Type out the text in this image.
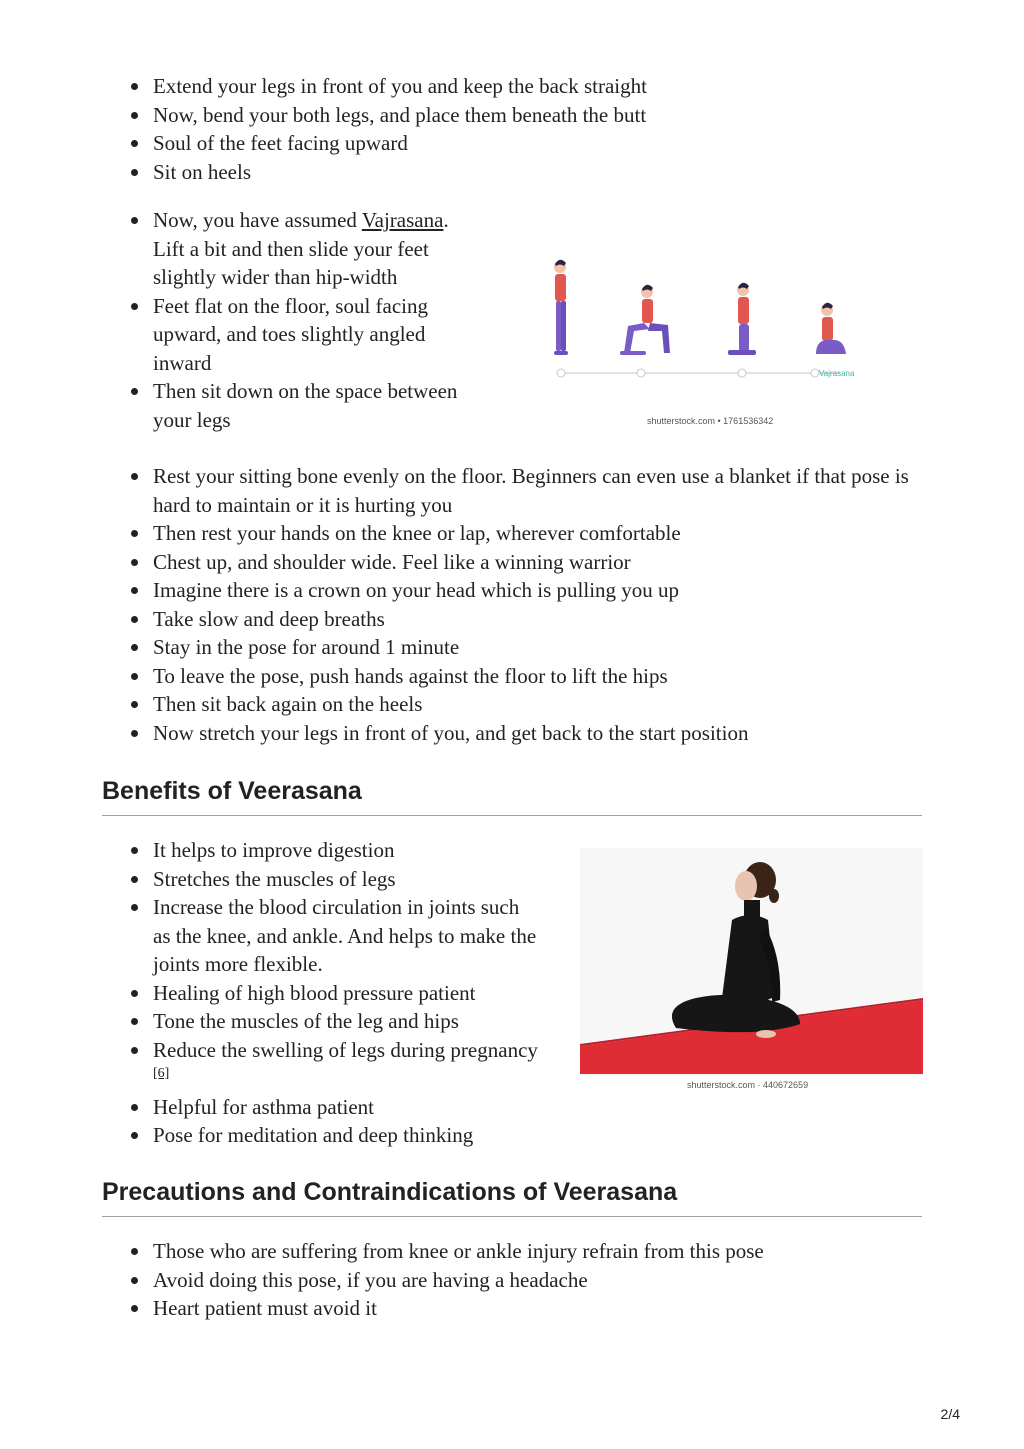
Extend your legs in front of you and keep the back straight
Now, bend your both legs, and place them beneath the butt
Soul of the feet facing upward
Sit on heels
Now, you have assumed Vajrasana. Lift a bit and then slide your feet slightly wider than hip-width
Feet flat on the floor, soul facing upward, and toes slightly angled inward
Then sit down on the space between your legs
Vajrasana
shutterstock.com • 1761536342
Rest your sitting bone evenly on the floor. Beginners can even use a blanket if that pose is hard to maintain or it is hurting you
Then rest your hands on the knee or lap, wherever comfortable
Chest up, and shoulder wide. Feel like a winning warrior
Imagine there is a crown on your head which is pulling you up
Take slow and deep breaths
Stay in the pose for around 1 minute
To leave the pose, push hands against the floor to lift the hips
Then sit back again on the heels
Now stretch your legs in front of you, and get back to the start position
Benefits of Veerasana
It helps to improve digestion
Stretches the muscles of legs
Increase the blood circulation in joints such as the knee, and ankle. And helps to make the joints more flexible.
Healing of high blood pressure patient
Tone the muscles of the leg and hips
Reduce the swelling of legs during pregnancy [6]
Helpful for asthma patient
Pose for meditation and deep thinking
shutterstock.com · 440672659
Precautions and Contraindications of Veerasana
Those who are suffering from knee or ankle injury refrain from this pose
Avoid doing this pose, if you are having a headache
Heart patient must avoid it
2/4
